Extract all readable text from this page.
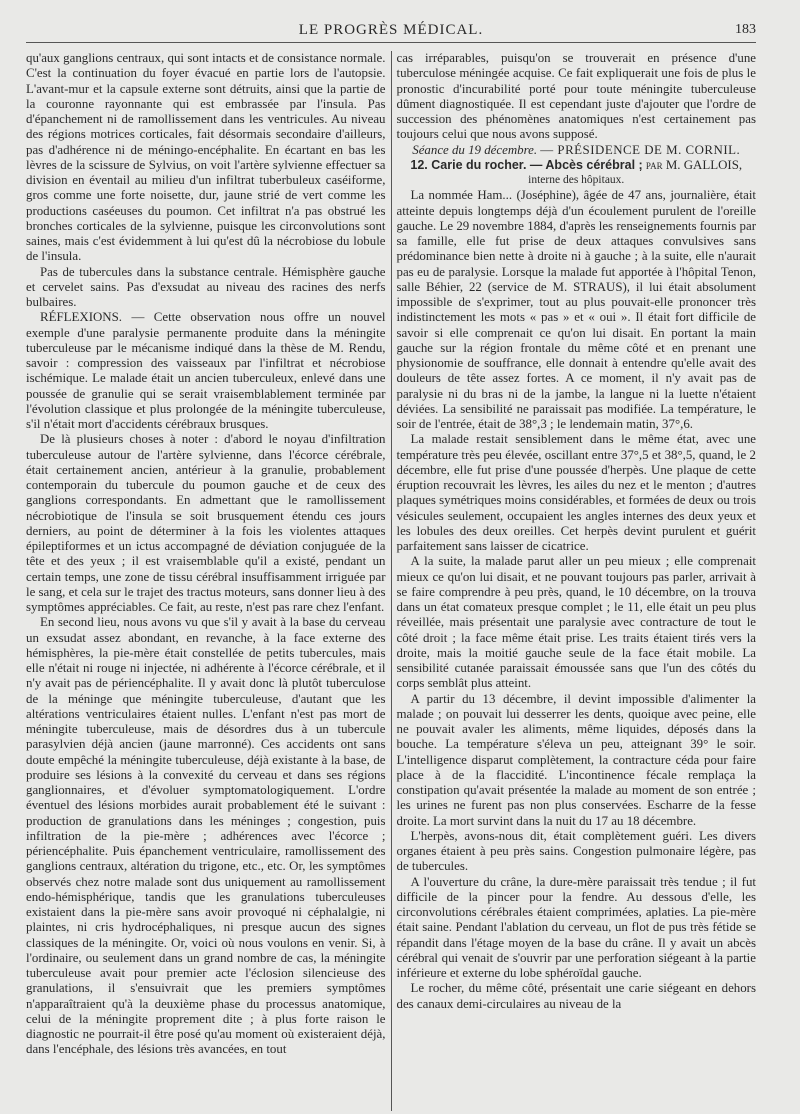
LE PROGRÈS MÉDICAL.	183

qu'aux ganglions centraux, qui sont intacts et de consistance normale. C'est la continuation du foyer évacué en partie lors de l'autopsie. L'avant-mur et la capsule externe sont détruits, ainsi que la partie de la couronne rayonnante qui est embrassée par l'insula. Pas d'épanchement ni de ramollissement dans les ventricules. Au niveau des régions motrices corticales, fait désormais secondaire d'ailleurs, pas d'adhérence ni de méningo-encéphalite. En écartant en bas les lèvres de la scissure de Sylvius, on voit l'artère sylvienne effectuer sa division en éventail au milieu d'un infiltrat tuberbuleux caséiforme, gros comme une forte noisette, dur, jaune strié de vert comme les productions caséeuses du poumon. Cet infiltrat n'a pas obstrué les bronches corticales de la sylvienne, puisque les circonvolutions sont saines, mais c'est évidemment à lui qu'est dû la nécrobiose du lobule de l'insula.

Pas de tubercules dans la substance centrale. Hémisphère gauche et cervelet sains. Pas d'exsudat au niveau des racines des nerfs bulbaires.

RÉFLEXIONS. — Cette observation nous offre un nouvel exemple d'une paralysie permanente produite dans la méningite tuberculeuse par le mécanisme indiqué dans la thèse de M. Rendu, savoir : compression des vaisseaux par l'infiltrat et nécrobiose ischémique. Le malade était un ancien tuberculeux, enlevé dans une poussée de granulie qui se serait vraisemblablement terminée par l'évolution classique et plus prolongée de la méningite tuberculeuse, s'il n'était mort d'accidents cérébraux brusques.

De là plusieurs choses à noter : d'abord le noyau d'infiltration tuberculeuse autour de l'artère sylvienne, dans l'écorce cérébrale, était certainement ancien, antérieur à la granulie, probablement contemporain du tubercule du poumon gauche et de ceux des ganglions correspondants. En admettant que le ramollissement nécrobiotique de l'insula se soit brusquement étendu ces jours derniers, au point de déterminer à la fois les violentes attaques épileptiformes et un ictus accompagné de déviation conjuguée de la tête et des yeux ; il est vraisemblable qu'il a existé, pendant un certain temps, une zone de tissu cérébral insuffisamment irriguée par le sang, et cela sur le trajet des tractus moteurs, sans donner lieu à des symptômes appréciables. Ce fait, au reste, n'est pas rare chez l'enfant.

En second lieu, nous avons vu que s'il y avait à la base du cerveau un exsudat assez abondant, en revanche, à la face externe des hémisphères, la pie-mère était constellée de petits tubercules, mais elle n'était ni rouge ni injectée, ni adhérente à l'écorce cérébrale, et il n'y avait pas de périencéphalite. Il y avait donc là plutôt tuberculose de la méninge que méningite tuberculeuse, d'autant que les altérations ventriculaires étaient nulles. L'enfant n'est pas mort de méningite tuberculeuse, mais de désordres dus à un tubercule parasylvien déjà ancien (jaune marronné). Ces accidents ont sans doute empêché la méningite tuberculeuse, déjà existante à la base, de produire ses lésions à la convexité du cerveau et dans ses régions ganglionnaires, et d'évoluer symptomatologiquement. L'ordre éventuel des lésions morbides aurait probablement été le suivant : production de granulations dans les méninges ; congestion, puis infiltration de la pie-mère ; adhérences avec l'écorce ; périencéphalite. Puis épanchement ventriculaire, ramollissement des ganglions centraux, altération du trigone, etc., etc. Or, les symptômes observés chez notre malade sont dus uniquement au ramollissement endo-hémisphérique, tandis que les granulations tuberculeuses existaient dans la pie-mère sans avoir provoqué ni céphalalgie, ni plaintes, ni cris hydrocéphaliques, ni presque aucun des signes classiques de la méningite. Or, voici où nous voulons en venir. Si, à l'ordinaire, ou seulement dans un grand nombre de cas, la méningite tuberculeuse avait pour premier acte l'éclosion silencieuse des granulations, il s'ensuivrait que les premiers symptômes n'apparaîtraient qu'à la deuxième phase du processus anatomique, celui de la méningite proprement dite ; à plus forte raison le diagnostic ne pourrait-il être posé qu'au moment où existeraient déjà, dans l'encéphale, des lésions très avancées, en tout

cas irréparables, puisqu'on se trouverait en présence d'une tuberculose méningée acquise. Ce fait expliquerait une fois de plus le pronostic d'incurabilité porté pour toute méningite tuberculeuse dûment diagnostiquée. Il est cependant juste d'ajouter que l'ordre de succession des phénomènes anatomiques n'est certainement pas toujours celui que nous avons supposé.

Séance du 19 décembre. — PRÉSIDENCE DE M. CORNIL.

12. Carie du rocher. — Abcès cérébral ; par M. GALLOIS,

interne des hôpitaux.

La nommée Ham... (Joséphine), âgée de 47 ans, journalière, était atteinte depuis longtemps déjà d'un écoulement purulent de l'oreille gauche. Le 29 novembre 1884, d'après les renseignements fournis par sa famille, elle fut prise de deux attaques convulsives sans prédominance bien nette à droite ni à gauche ; à la suite, elle n'aurait pas eu de paralysie. Lorsque la malade fut apportée à l'hôpital Tenon, salle Béhier, 22 (service de M. STRAUS), il lui était absolument impossible de s'exprimer, tout au plus pouvait-elle prononcer très indistinctement les mots « pas » et « oui ». Il était fort difficile de savoir si elle comprenait ce qu'on lui disait. En portant la main gauche sur la région frontale du même côté et en prenant une physionomie de souffrance, elle donnait à entendre qu'elle avait des douleurs de tête assez fortes. A ce moment, il n'y avait pas de paralysie ni du bras ni de la jambe, la langue ni la luette n'étaient déviées. La sensibilité ne paraissait pas modifiée. La température, le soir de l'entrée, était de 38°,3 ; le lendemain matin, 37°,6.

La malade restait sensiblement dans le même état, avec une température très peu élevée, oscillant entre 37°,5 et 38°,5, quand, le 2 décembre, elle fut prise d'une poussée d'herpès. Une plaque de cette éruption recouvrait les lèvres, les ailes du nez et le menton ; d'autres plaques symétriques moins considérables, et formées de deux ou trois vésicules seulement, occupaient les angles internes des deux yeux et les lobules des deux oreilles. Cet herpès devint purulent et guérit parfaitement sans laisser de cicatrice.

A la suite, la malade parut aller un peu mieux ; elle comprenait mieux ce qu'on lui disait, et ne pouvant toujours pas parler, arrivait à se faire comprendre à peu près, quand, le 10 décembre, on la trouva dans un état comateux presque complet ; le 11, elle était un peu plus réveillée, mais présentait une paralysie avec contracture de tout le côté droit ; la face même était prise. Les traits étaient tirés vers la droite, mais la moitié gauche seule de la face était mobile. La sensibilité cutanée paraissait émoussée sans que l'un des côtés du corps semblât plus atteint.

A partir du 13 décembre, il devint impossible d'alimenter la malade ; on pouvait lui desserrer les dents, quoique avec peine, elle ne pouvait avaler les aliments, même liquides, déposés dans la bouche. La température s'éleva un peu, atteignant 39° le soir. L'intelligence disparut complètement, la contracture céda pour faire place à de la flaccidité. L'incontinence fécale remplaça la constipation qu'avait présentée la malade au moment de son entrée ; les urines ne furent pas non plus conservées. Escharre de la fesse droite. La mort survint dans la nuit du 17 au 18 décembre.

L'herpès, avons-nous dit, était complètement guéri. Les divers organes étaient à peu près sains. Congestion pulmonaire légère, pas de tubercules.

A l'ouverture du crâne, la dure-mère paraissait très tendue ; il fut difficile de la pincer pour la fendre. Au dessous d'elle, les circonvolutions cérébrales étaient comprimées, aplaties. La pie-mère était saine. Pendant l'ablation du cerveau, un flot de pus très fétide se répandit dans l'étage moyen de la base du crâne. Il y avait un abcès cérébral qui venait de s'ouvrir par une perforation siégeant à la partie inférieure et externe du lobe sphéroïdal gauche.

Le rocher, du même côté, présentait une carie siégeant en dehors des canaux demi-circulaires au niveau de la
